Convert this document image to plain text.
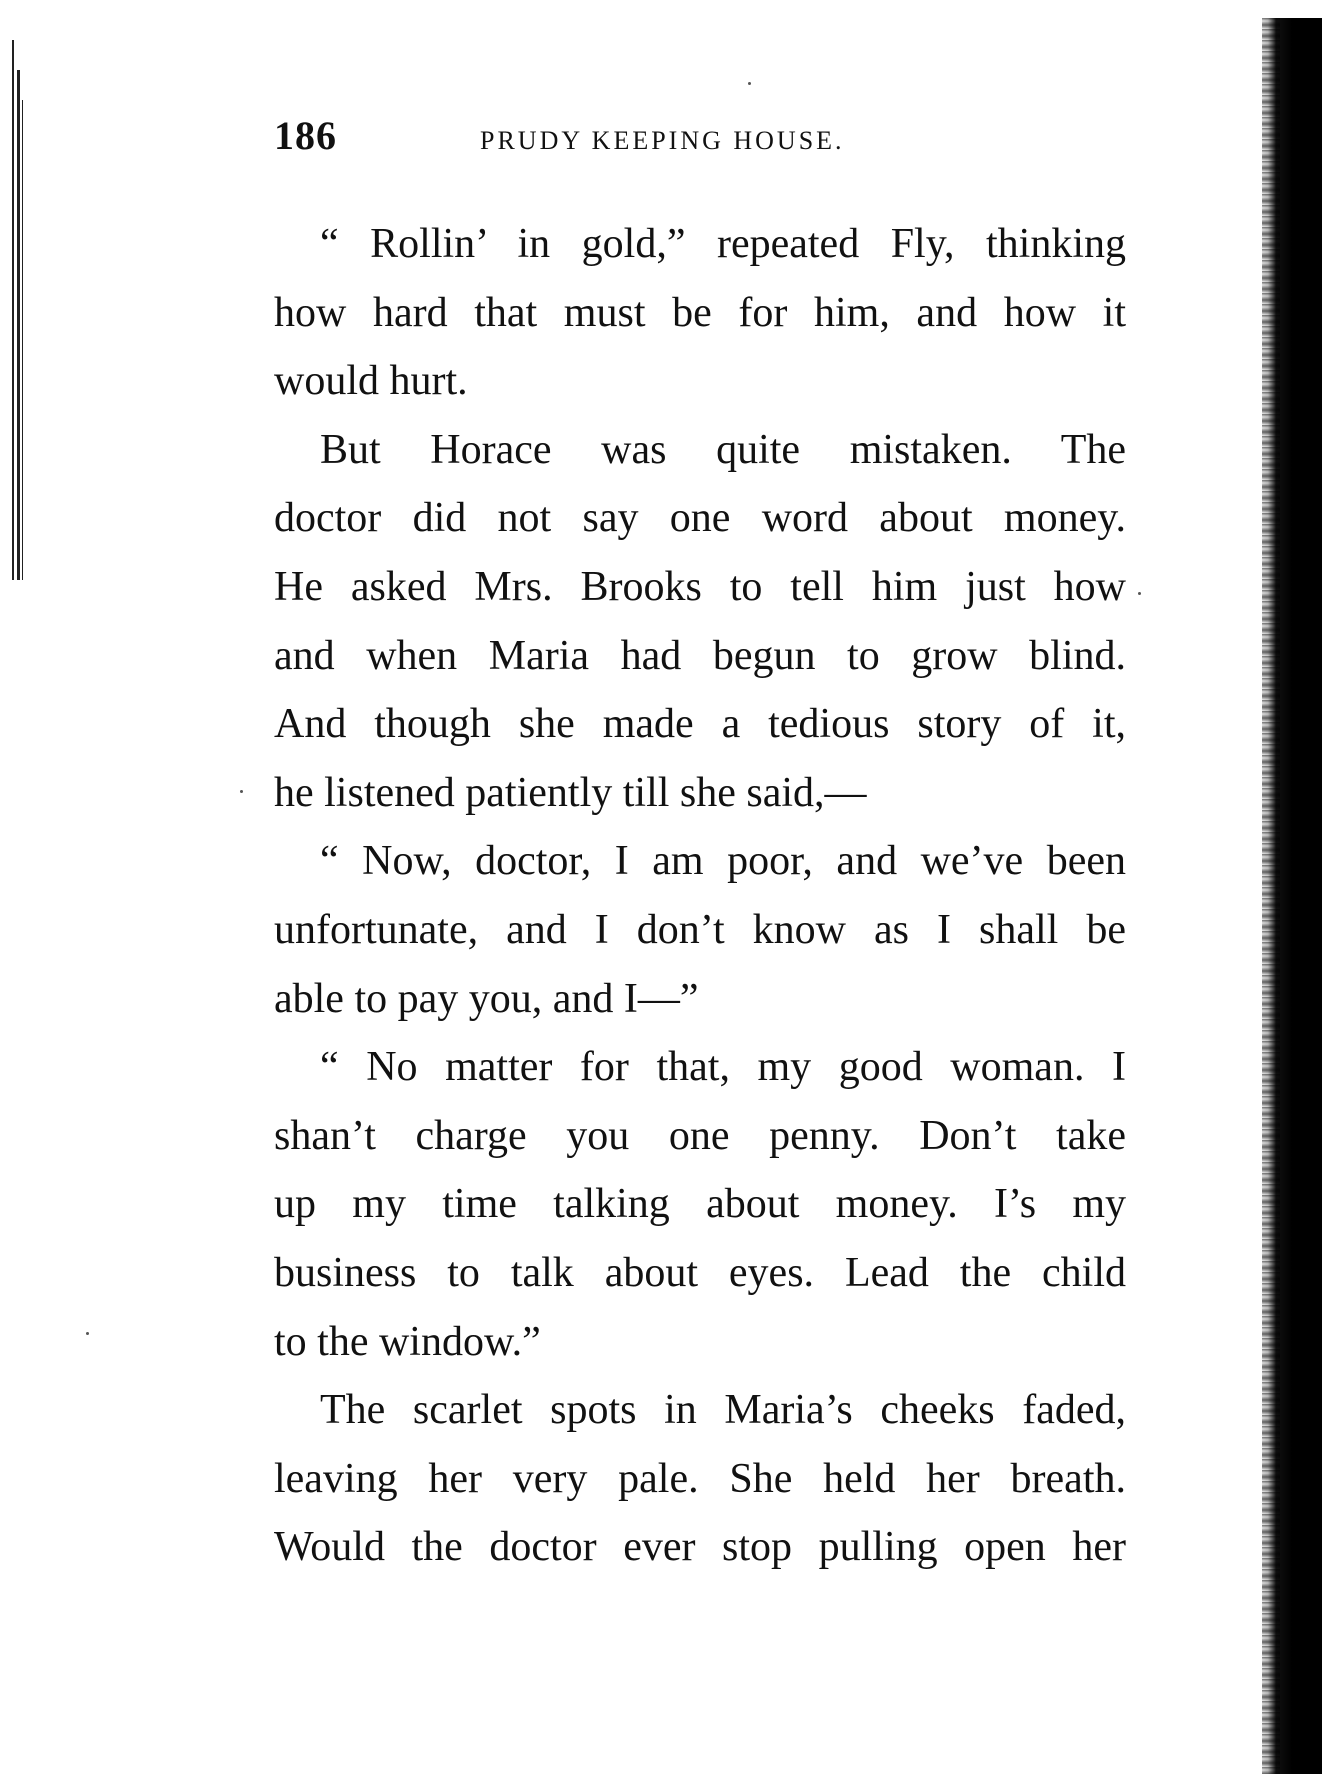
186	PRUDY KEEPING HOUSE.
“ Rollin’ in gold,” repeated Fly, thinking
how hard that must be for him, and how it
would hurt.
But Horace was quite mistaken. The
doctor did not say one word about money.
He asked Mrs. Brooks to tell him just how
and when Maria had begun to grow blind.
And though she made a tedious story of it,
he listened patiently till she said,—
“ Now, doctor, I am poor, and we’ve been
unfortunate, and I don’t know as I shall be
able to pay you, and I—”
“ No matter for that, my good woman. I
shan’t charge you one penny. Don’t take
up my time talking about money. I’s my
business to talk about eyes. Lead the child
to the window.”
The scarlet spots in Maria’s cheeks faded,
leaving her very pale. She held her breath.
Would the doctor ever stop pulling open her
